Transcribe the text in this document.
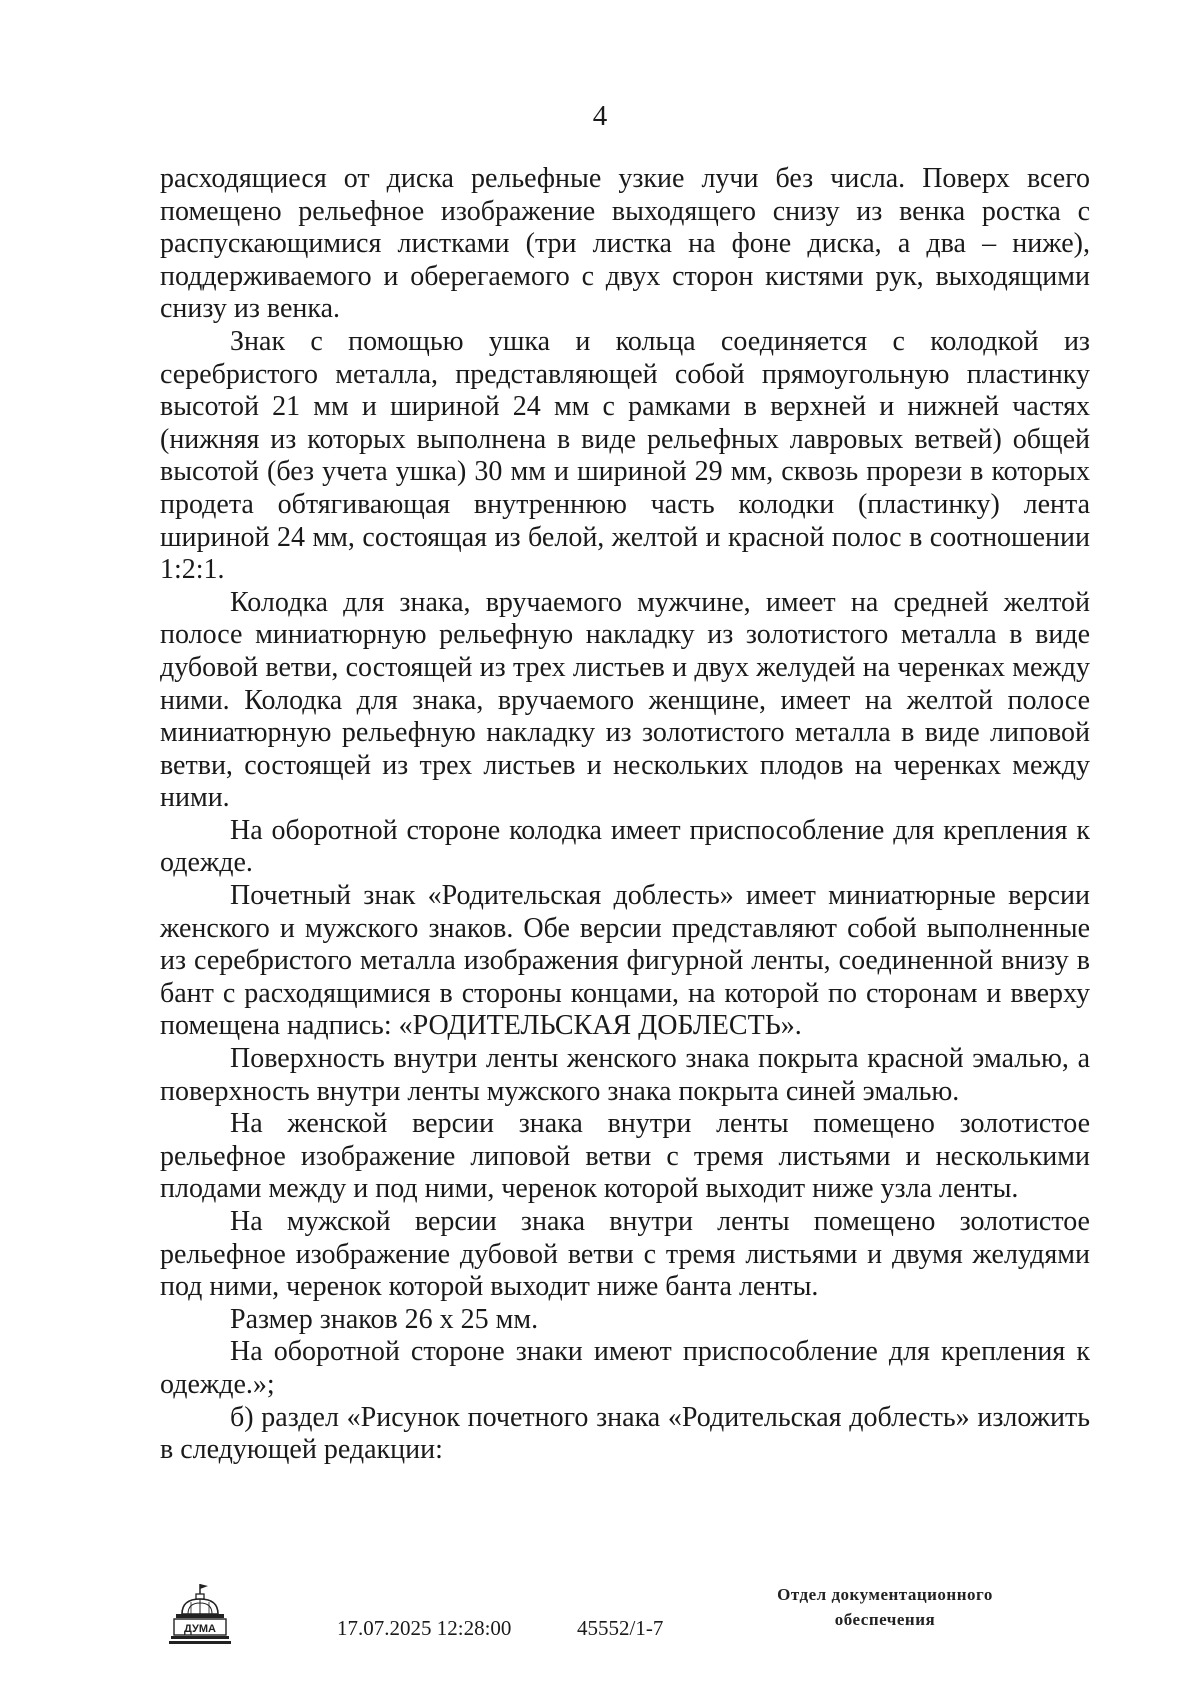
4

расходящиеся от диска рельефные узкие лучи без числа. Поверх всего помещено рельефное изображение выходящего снизу из венка ростка с распускающимися листками (три листка на фоне диска, а два – ниже), поддерживаемого и оберегаемого с двух сторон кистями рук, выходящими снизу из венка.

Знак с помощью ушка и кольца соединяется с колодкой из серебристого металла, представляющей собой прямоугольную пластинку высотой 21 мм и шириной 24 мм с рамками в верхней и нижней частях (нижняя из которых выполнена в виде рельефных лавровых ветвей) общей высотой (без учета ушка) 30 мм и шириной 29 мм, сквозь прорези в которых продета обтягивающая внутреннюю часть колодки (пластинку) лента шириной 24 мм, состоящая из белой, желтой и красной полос в соотношении 1:2:1.

Колодка для знака, вручаемого мужчине, имеет на средней желтой полосе миниатюрную рельефную накладку из золотистого металла в виде дубовой ветви, состоящей из трех листьев и двух желудей на черенках между ними. Колодка для знака, вручаемого женщине, имеет на желтой полосе миниатюрную рельефную накладку из золотистого металла в виде липовой ветви, состоящей из трех листьев и нескольких плодов на черенках между ними.

На оборотной стороне колодка имеет приспособление для крепления к одежде.

Почетный знак «Родительская доблесть» имеет миниатюрные версии женского и мужского знаков. Обе версии представляют собой выполненные из серебристого металла изображения фигурной ленты, соединенной внизу в бант с расходящимися в стороны концами, на которой по сторонам и вверху помещена надпись: «РОДИТЕЛЬСКАЯ ДОБЛЕСТЬ».

Поверхность внутри ленты женского знака покрыта красной эмалью, а поверхность внутри ленты мужского знака покрыта синей эмалью.

На женской версии знака внутри ленты помещено золотистое рельефное изображение липовой ветви с тремя листьями и несколькими плодами между и под ними, черенок которой выходит ниже узла ленты.

На мужской версии знака внутри ленты помещено золотистое рельефное изображение дубовой ветви с тремя листьями и двумя желудями под ними, черенок которой выходит ниже банта ленты.

Размер знаков 26 x 25 мм.

На оборотной стороне знаки имеют приспособление для крепления к одежде.»;

б) раздел «Рисунок почетного знака «Родительская доблесть» изложить в следующей редакции:

ДУМА	17.07.2025 12:28:00	45552/1-7
Отдел документационного
обеспечения
